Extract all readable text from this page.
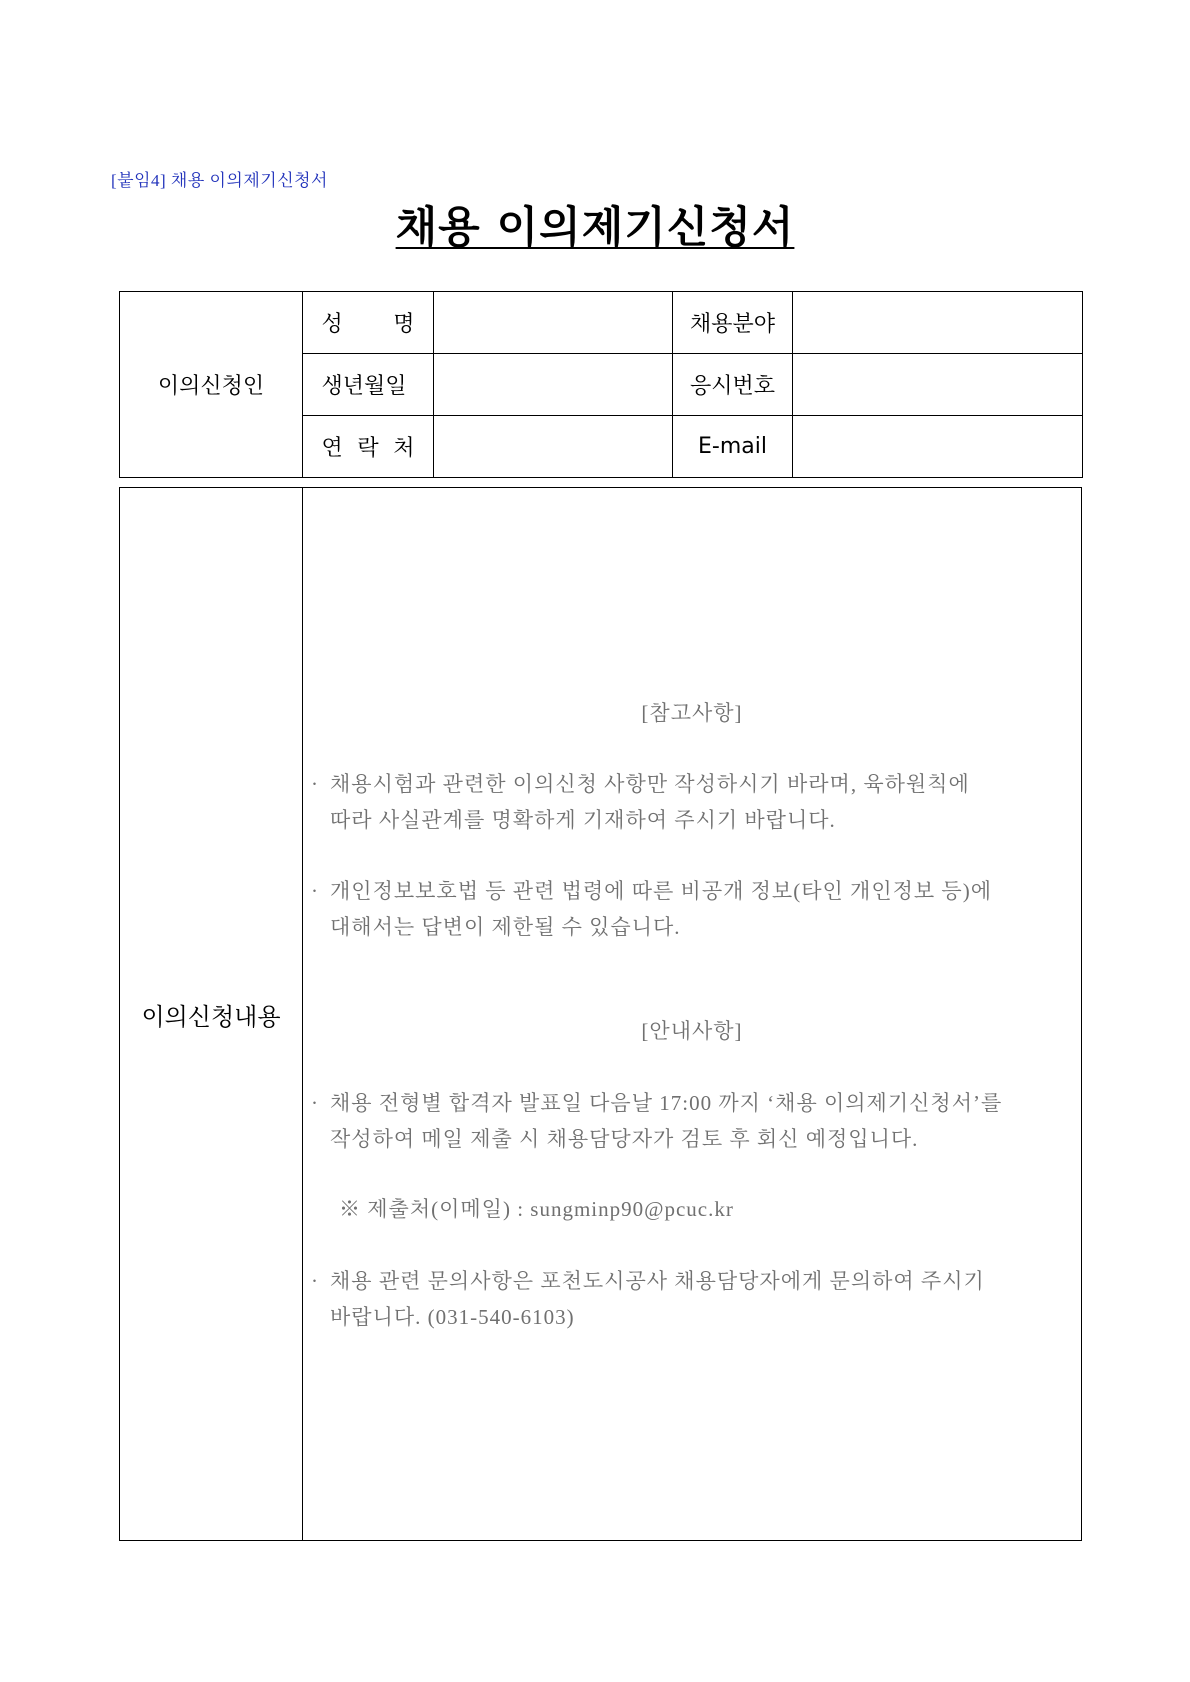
[붙임4] 채용 이의제기신청서
채용 이의제기신청서
이의신청인	성 명		채용분야	
	생년월일		응시번호	
	연 락 처		E-mail	
이의신청내용
[참고사항]
· 채용시험과 관련한 이의신청 사항만 작성하시기 바라며, 육하원칙에
따라 사실관계를 명확하게 기재하여 주시기 바랍니다.
· 개인정보보호법 등 관련 법령에 따른 비공개 정보(타인 개인정보 등)에
대해서는 답변이 제한될 수 있습니다.
[안내사항]
· 채용 전형별 합격자 발표일 다음날 17:00 까지 ‘채용 이의제기신청서’를
작성하여 메일 제출 시 채용담당자가 검토 후 회신 예정입니다.
※ 제출처(이메일) : sungminp90@pcuc.kr
· 채용 관련 문의사항은 포천도시공사 채용담당자에게 문의하여 주시기
바랍니다. (031-540-6103)
